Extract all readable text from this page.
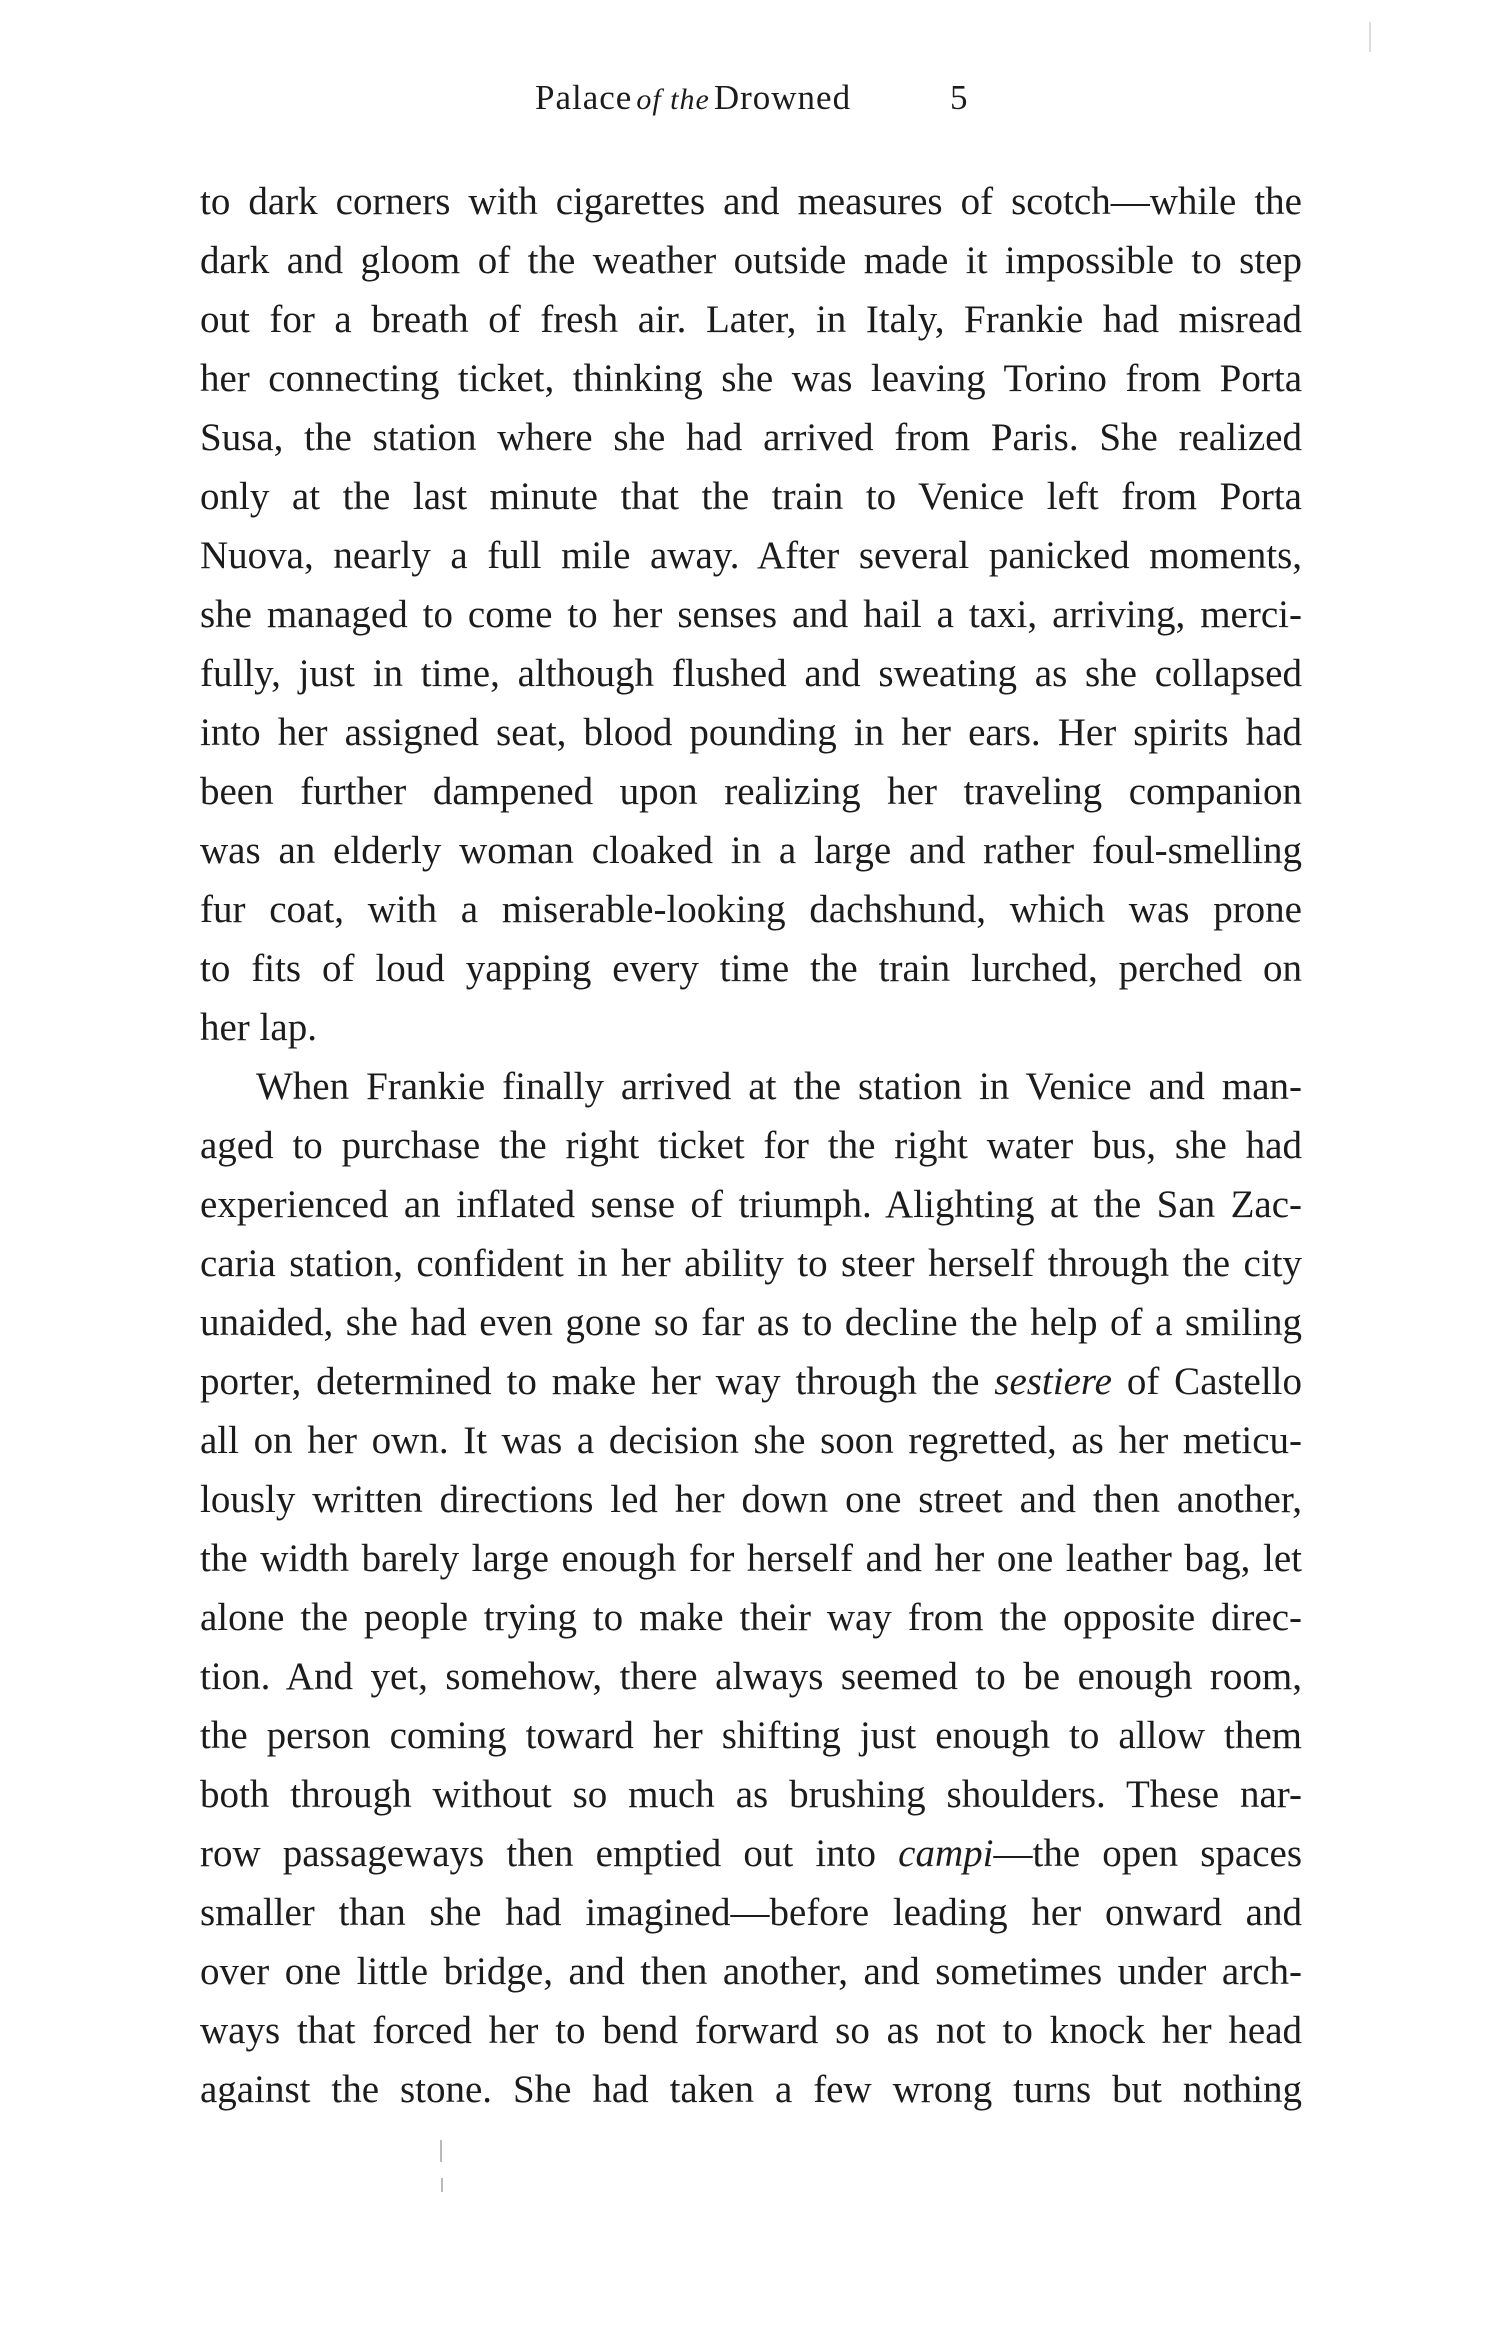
Palace of the Drowned	5

to dark corners with cigarettes and measures of scotch—while the
dark and gloom of the weather outside made it impossible to step
out for a breath of fresh air. Later, in Italy, Frankie had misread
her connecting ticket, thinking she was leaving Torino from Porta
Susa, the station where she had arrived from Paris. She realized
only at the last minute that the train to Venice left from Porta
Nuova, nearly a full mile away. After several panicked moments,
she managed to come to her senses and hail a taxi, arriving, merci-
fully, just in time, although flushed and sweating as she collapsed
into her assigned seat, blood pounding in her ears. Her spirits had
been further dampened upon realizing her traveling companion
was an elderly woman cloaked in a large and rather foul-smelling
fur coat, with a miserable-looking dachshund, which was prone
to fits of loud yapping every time the train lurched, perched on
her lap.

When Frankie finally arrived at the station in Venice and man-
aged to purchase the right ticket for the right water bus, she had
experienced an inflated sense of triumph. Alighting at the San Zac-
caria station, confident in her ability to steer herself through the city
unaided, she had even gone so far as to decline the help of a smiling
porter, determined to make her way through the sestiere of Castello
all on her own. It was a decision she soon regretted, as her meticu-
lously written directions led her down one street and then another,
the width barely large enough for herself and her one leather bag, let
alone the people trying to make their way from the opposite direc-
tion. And yet, somehow, there always seemed to be enough room,
the person coming toward her shifting just enough to allow them
both through without so much as brushing shoulders. These nar-
row passageways then emptied out into campi—the open spaces
smaller than she had imagined—before leading her onward and
over one little bridge, and then another, and sometimes under arch-
ways that forced her to bend forward so as not to knock her head
against the stone. She had taken a few wrong turns but nothing
